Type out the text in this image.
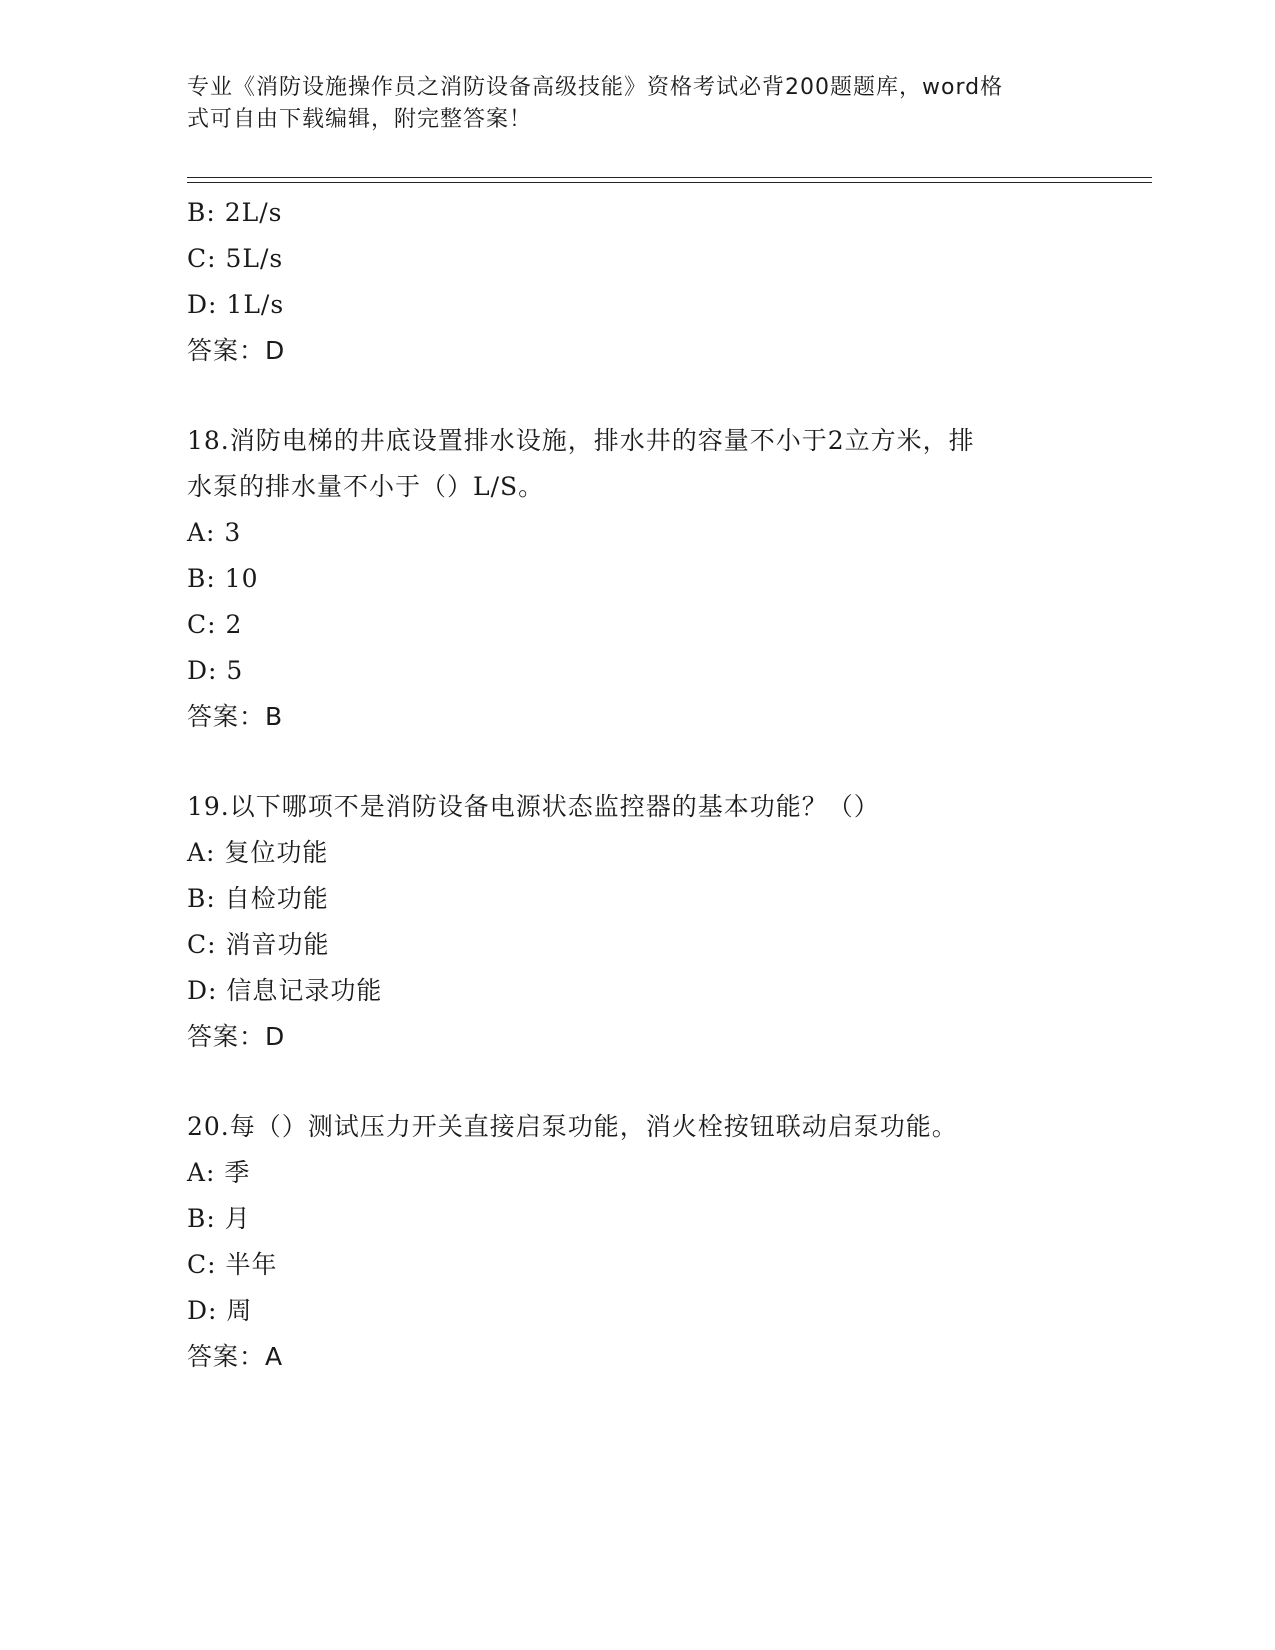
专业《消防设施操作员之消防设备高级技能》资格考试必背200题题库，word格
式可自由下载编辑，附完整答案！
B: 2L/s
C: 5L/s
D: 1L/s
答案：D
18.消防电梯的井底设置排水设施，排水井的容量不小于2立方米，排
水泵的排水量不小于（）L/S。
A: 3
B: 10
C: 2
D: 5
答案：B
19.以下哪项不是消防设备电源状态监控器的基本功能？（）
A: 复位功能
B: 自检功能
C: 消音功能
D: 信息记录功能
答案：D
20.每（）测试压力开关直接启泵功能，消火栓按钮联动启泵功能。
A: 季
B: 月
C: 半年
D: 周
答案：A
